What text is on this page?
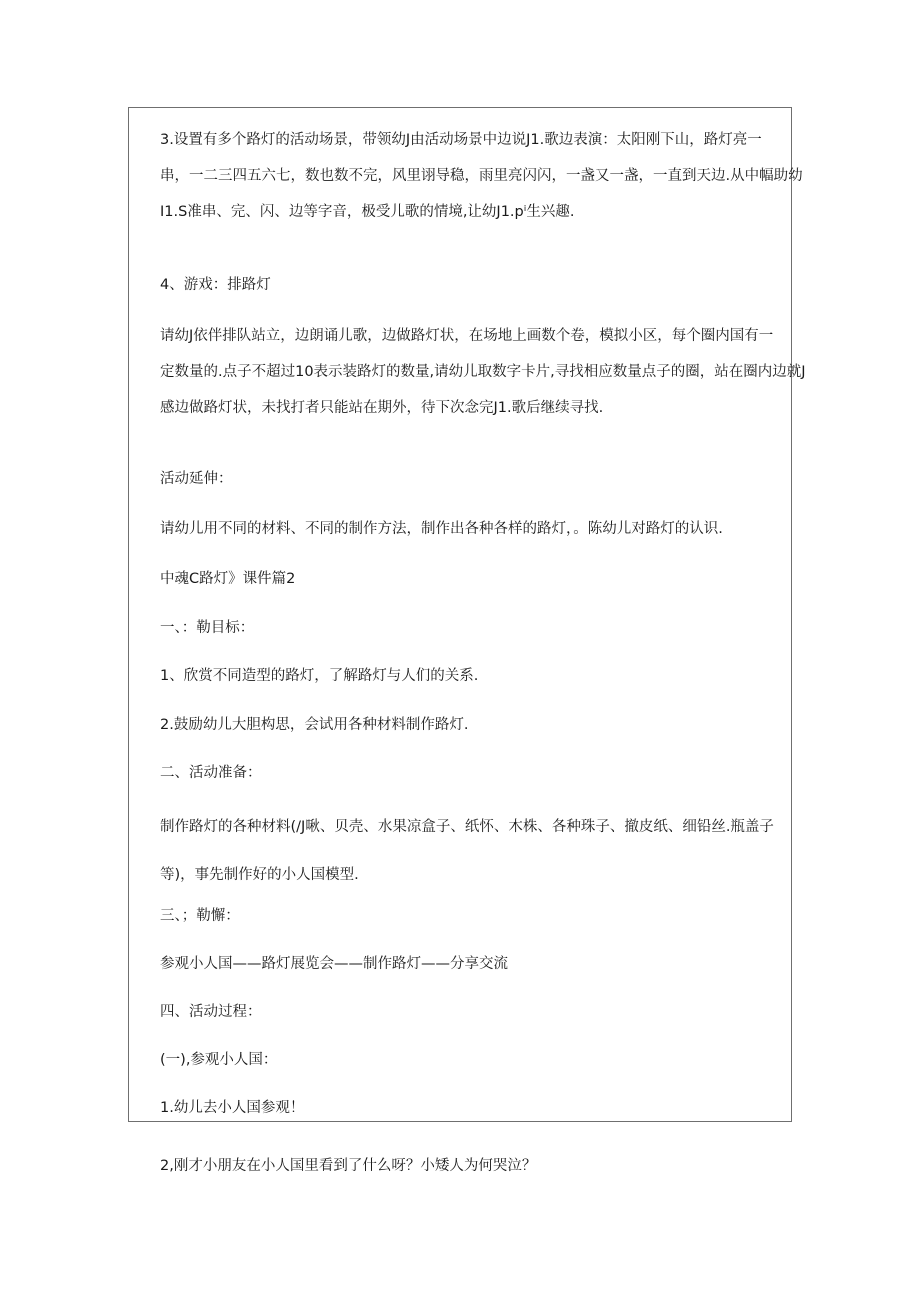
3.设置有多个路灯的活动场景，带领幼J由活动场景中边说J1.歌边表演：太阳刚下山，路灯亮一
串，一二三四五六七，数也数不完，风里诩导稳，雨里亮闪闪，一盏又一盏，一直到天边.从中幅助幼
I1.S准串、完、闪、边等字音，极受儿歌的情境,让幼J1.pⁱ生兴趣.

4、游戏：排路灯

请幼J依伴排队站立，边朗诵儿歌，边做路灯状，在场地上画数个卷，模拟小区，每个圈内国有一
定数量的.点子不超过10表示装路灯的数量,请幼儿取数字卡片,寻找相应数量点子的圈，站在圈内边就J
感边做路灯状，未找打者只能站在期外，待下次念完J1.歌后继续寻找.

活动延伸：

请幼儿用不同的材料、不同的制作方法，制作出各种各样的路灯，。陈幼儿对路灯的认识.

中魂C路灯》课件篇2

一、：勒目标：

1、欣赏不同造型的路灯，了解路灯与人们的关系.

2.鼓励幼儿大胆构思，会试用各种材料制作路灯.

二、活动准备：

制作路灯的各种材料(/J啾、贝壳、水果凉盒子、纸怀、木株、各种珠子、撤皮纸、细铅丝.瓶盖子
等)，事先制作好的小人国模型.

三、；勒懈：

参观小人国——路灯展览会——制作路灯——分享交流

四、活动过程：

(一),参观小人国：

1.幼儿去小人国参观！

2,刚才小朋友在小人国里看到了什么呀？小矮人为何哭泣？
